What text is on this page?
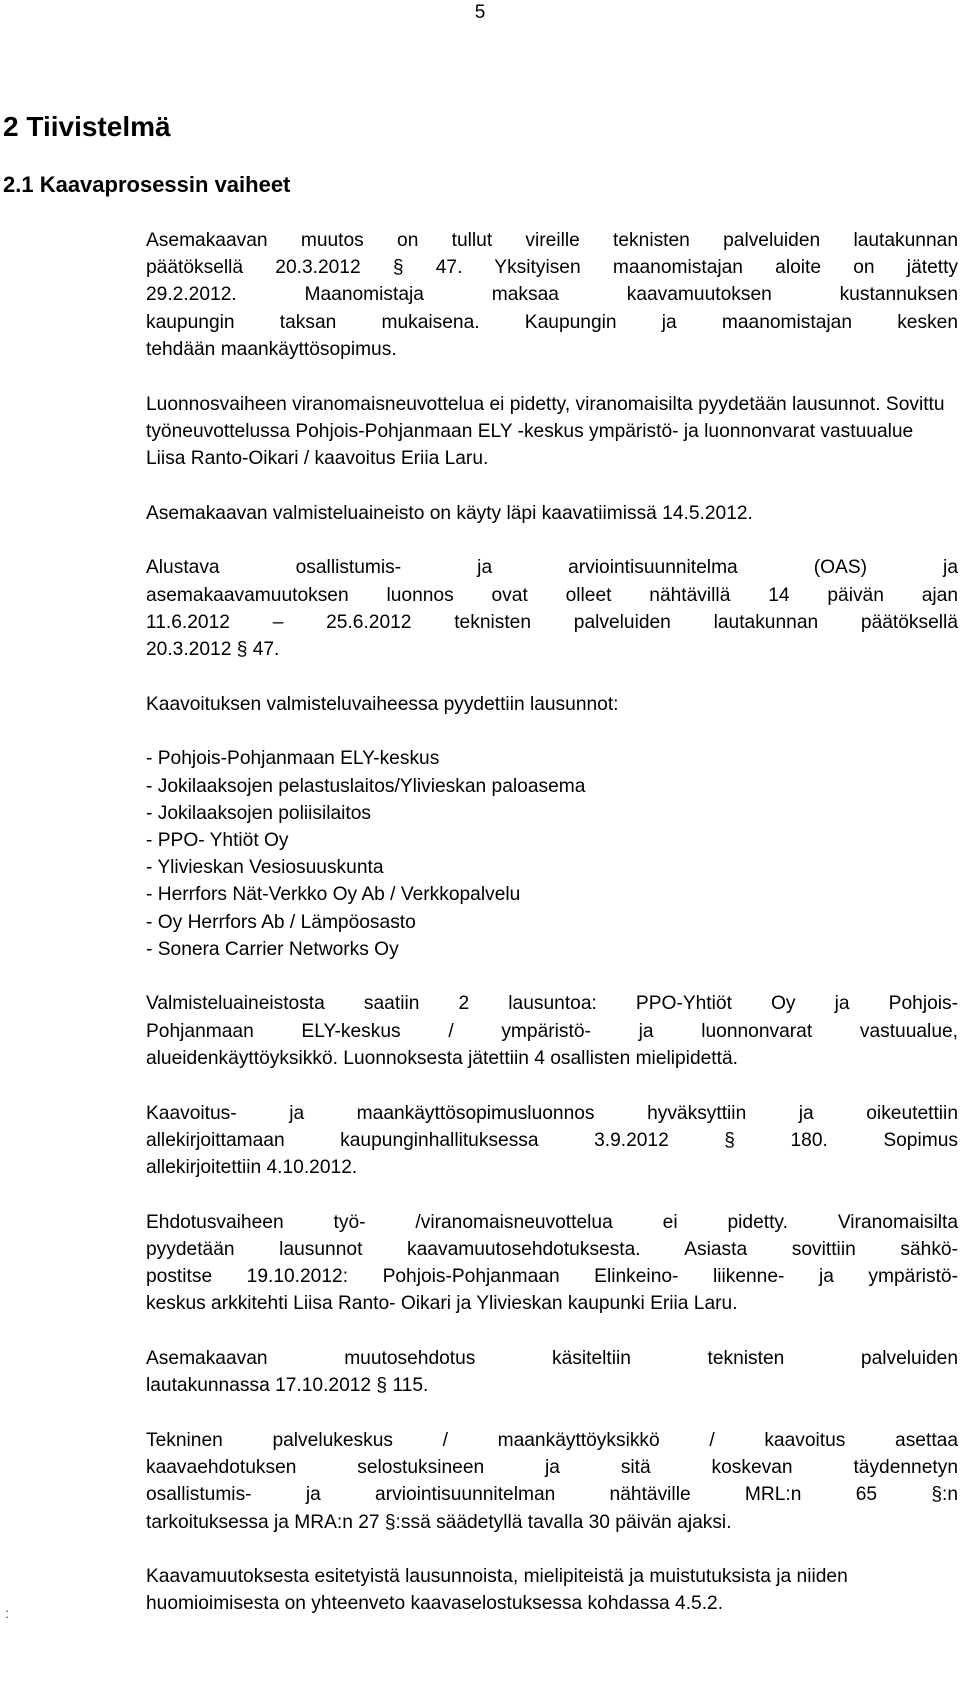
5
2 Tiivistelmä
2.1 Kaavaprosessin vaiheet

Asemakaavan muutos on tullut vireille teknisten palveluiden lautakunnan
päätöksellä 20.3.2012 § 47. Yksityisen maanomistajan aloite on jätetty
29.2.2012. Maanomistaja maksaa kaavamuutoksen kustannuksen
kaupungin taksan mukaisena. Kaupungin ja maanomistajan kesken
tehdään maankäyttösopimus.

Luonnosvaiheen viranomaisneuvottelua ei pidetty, viranomaisilta pyydetään lausunnot. Sovittu työneuvottelussa Pohjois-Pohjanmaan ELY -keskus ympäristö- ja luonnonvarat vastuualue Liisa Ranto-Oikari / kaavoitus Eriia Laru.

Asemakaavan valmisteluaineisto on käyty läpi kaavatiimissä 14.5.2012.

Alustava osallistumis- ja arviointisuunnitelma (OAS) ja
asemakaavamuutoksen luonnos ovat olleet nähtävillä 14 päivän ajan
11.6.2012 – 25.6.2012 teknisten palveluiden lautakunnan päätöksellä
20.3.2012 § 47.

Kaavoituksen valmisteluvaiheessa pyydettiin lausunnot:

- Pohjois-Pohjanmaan ELY-keskus
- Jokilaaksojen pelastuslaitos/Ylivieskan paloasema
- Jokilaaksojen poliisilaitos
- PPO- Yhtiöt Oy
- Ylivieskan Vesiosuuskunta
- Herrfors Nät-Verkko Oy Ab / Verkkopalvelu
- Oy Herrfors Ab / Lämpöosasto
- Sonera Carrier Networks Oy

Valmisteluaineistosta saatiin 2 lausuntoa: PPO-Yhtiöt Oy ja Pohjois-
Pohjanmaan ELY-keskus / ympäristö- ja luonnonvarat vastuualue,
alueidenkäyttöyksikkö. Luonnoksesta jätettiin 4 osallisten mielipidettä.

Kaavoitus- ja maankäyttösopimusluonnos hyväksyttiin ja oikeutettiin
allekirjoittamaan kaupunginhallituksessa 3.9.2012 § 180. Sopimus
allekirjoitettiin 4.10.2012.

Ehdotusvaiheen työ- /viranomaisneuvottelua ei pidetty. Viranomaisilta
pyydetään lausunnot kaavamuutosehdotuksesta. Asiasta sovittiin sähkö-
postitse 19.10.2012: Pohjois-Pohjanmaan Elinkeino- liikenne- ja ympäristö-
keskus arkkitehti Liisa Ranto- Oikari ja Ylivieskan kaupunki Eriia Laru.

Asemakaavan muutosehdotus käsiteltiin teknisten palveluiden
lautakunnassa 17.10.2012 § 115.

Tekninen palvelukeskus / maankäyttöyksikkö / kaavoitus asettaa
kaavaehdotuksen selostuksineen ja sitä koskevan täydennetyn
osallistumis- ja arviointisuunnitelman nähtäville MRL:n 65 §:n
tarkoituksessa ja MRA:n 27 §:ssä säädetyllä tavalla 30 päivän ajaksi.

Kaavamuutoksesta esitetyistä lausunnoista, mielipiteistä ja muistutuksista ja niiden huomioimisesta on yhteenveto kaavaselostuksessa kohdassa 4.5.2.

:
